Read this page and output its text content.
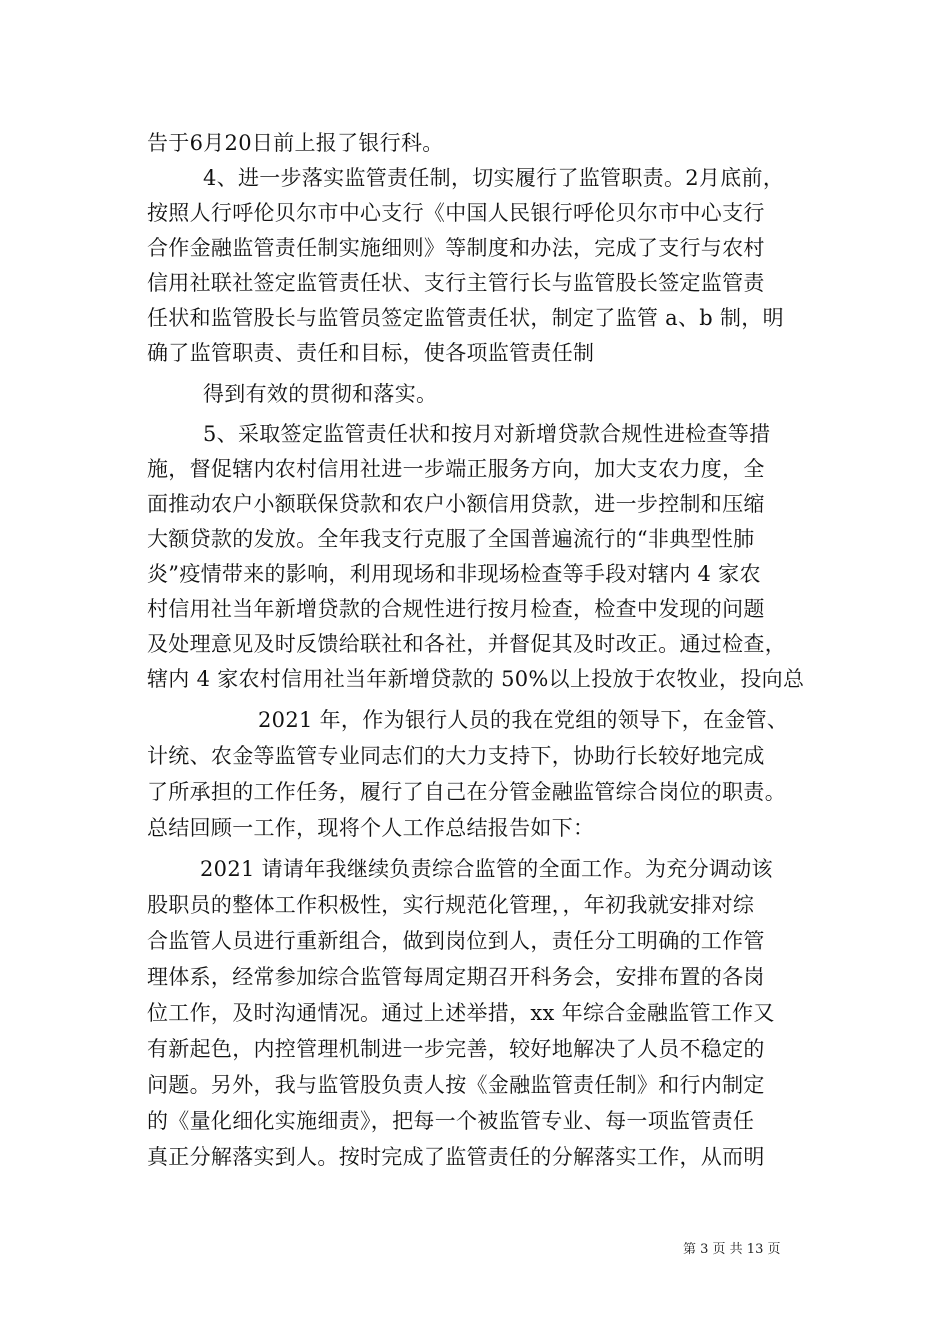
告于6月20日前上报了银行科。
4、进一步落实监管责任制，切实履行了监管职责。2月底前，
按照人行呼伦贝尔市中心支行《中国人民银行呼伦贝尔市中心支行
合作金融监管责任制实施细则》等制度和办法，完成了支行与农村
信用社联社签定监管责任状、支行主管行长与监管股长签定监管责
任状和监管股长与监管员签定监管责任状，制定了监管 a、b 制，明
确了监管职责、责任和目标，使各项监管责任制
得到有效的贯彻和落实。
5、采取签定监管责任状和按月对新增贷款合规性进检查等措
施，督促辖内农村信用社进一步端正服务方向，加大支农力度，全
面推动农户小额联保贷款和农户小额信用贷款，进一步控制和压缩
大额贷款的发放。全年我支行克服了全国普遍流行的“非典型性肺
炎”疫情带来的影响，利用现场和非现场检查等手段对辖内 4 家农
村信用社当年新增贷款的合规性进行按月检查，检查中发现的问题
及处理意见及时反馈给联社和各社，并督促其及时改正。通过检查，
辖内 4 家农村信用社当年新增贷款的 50%以上投放于农牧业，投向总
2021 年，作为银行人员的我在党组的领导下，在金管、
计统、农金等监管专业同志们的大力支持下，协助行长较好地完成
了所承担的工作任务，履行了自己在分管金融监管综合岗位的职责。
总结回顾一工作，现将个人工作总结报告如下：
2021 请请年我继续负责综合监管的全面工作。为充分调动该
股职员的整体工作积极性，实行规范化管理，，年初我就安排对综
合监管人员进行重新组合，做到岗位到人，责任分工明确的工作管
理体系，经常参加综合监管每周定期召开科务会，安排布置的各岗
位工作，及时沟通情况。通过上述举措，xx 年综合金融监管工作又
有新起色，内控管理机制进一步完善，较好地解决了人员不稳定的
问题。另外，我与监管股负责人按《金融监管责任制》和行内制定
的《量化细化实施细责》，把每一个被监管专业、每一项监管责任
真正分解落实到人。按时完成了监管责任的分解落实工作，从而明
第 3 页 共 13 页
